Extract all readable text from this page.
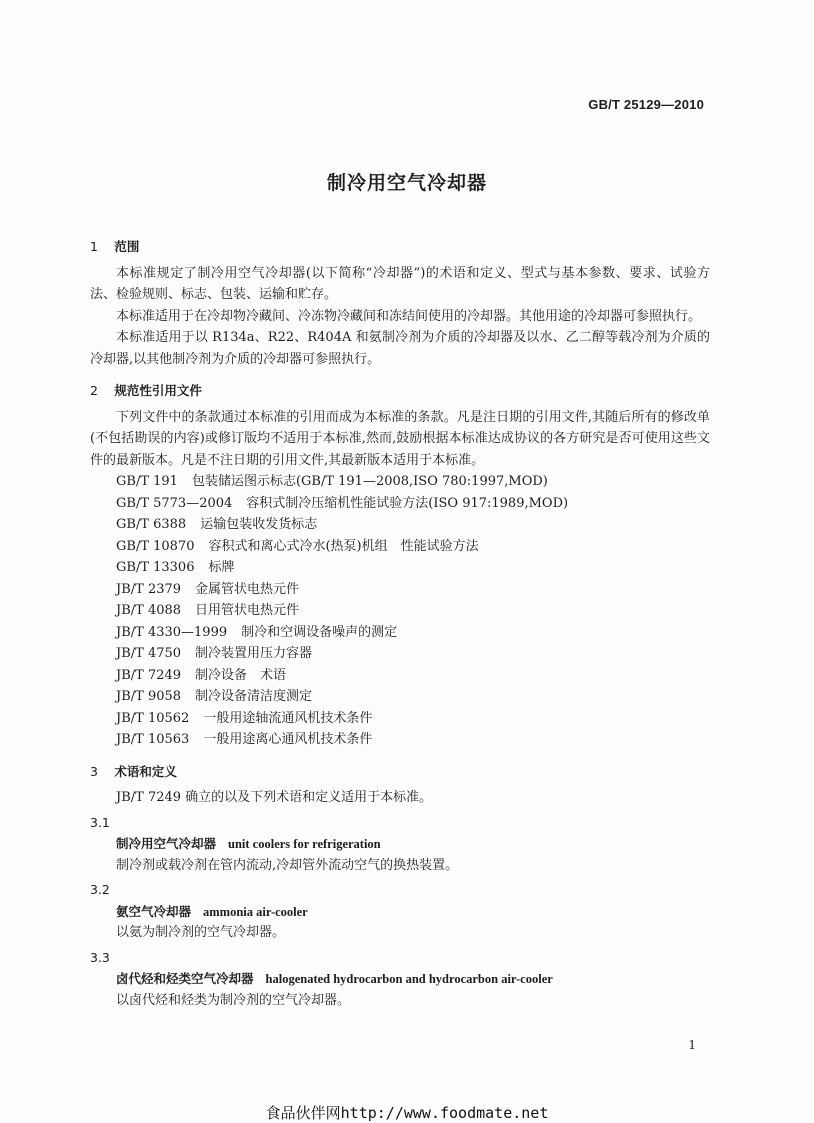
GB/T 25129—2010
制冷用空气冷却器
1 范围

本标准规定了制冷用空气冷却器(以下简称“冷却器”)的术语和定义、型式与基本参数、要求、试验方法、检验规则、标志、包装、运输和贮存。

本标准适用于在冷却物冷藏间、冷冻物冷藏间和冻结间使用的冷却器。其他用途的冷却器可参照执行。

本标准适用于以 R134a、R22、R404A 和氨制冷剂为介质的冷却器及以水、乙二醇等载冷剂为介质的冷却器,以其他制冷剂为介质的冷却器可参照执行。

2 规范性引用文件

下列文件中的条款通过本标准的引用而成为本标准的条款。凡是注日期的引用文件,其随后所有的修改单(不包括勘误的内容)或修订版均不适用于本标准,然而,鼓励根据本标准达成协议的各方研究是否可使用这些文件的最新版本。凡是不注日期的引用文件,其最新版本适用于本标准。

GB/T 191 包装储运图示标志(GB/T 191—2008,ISO 780:1997,MOD)
GB/T 5773—2004 容积式制冷压缩机性能试验方法(ISO 917:1989,MOD)
GB/T 6388 运输包装收发货标志
GB/T 10870 容积式和离心式冷水(热泵)机组　性能试验方法
GB/T 13306 标牌
JB/T 2379 金属管状电热元件
JB/T 4088 日用管状电热元件
JB/T 4330—1999 制冷和空调设备噪声的测定
JB/T 4750 制冷装置用压力容器
JB/T 7249 制冷设备　术语
JB/T 9058 制冷设备清洁度测定
JB/T 10562 一般用途轴流通风机技术条件
JB/T 10563 一般用途离心通风机技术条件
3 术语和定义

JB/T 7249 确立的以及下列术语和定义适用于本标准。

3.1
制冷用空气冷却器 unit coolers for refrigeration
制冷剂或载冷剂在管内流动,冷却管外流动空气的换热装置。
3.2
氨空气冷却器 ammonia air-cooler
以氨为制冷剂的空气冷却器。
3.3
卤代烃和烃类空气冷却器 halogenated hydrocarbon and hydrocarbon air-cooler
以卤代烃和烃类为制冷剂的空气冷却器。
1
食品伙伴网http://www.foodmate.net
